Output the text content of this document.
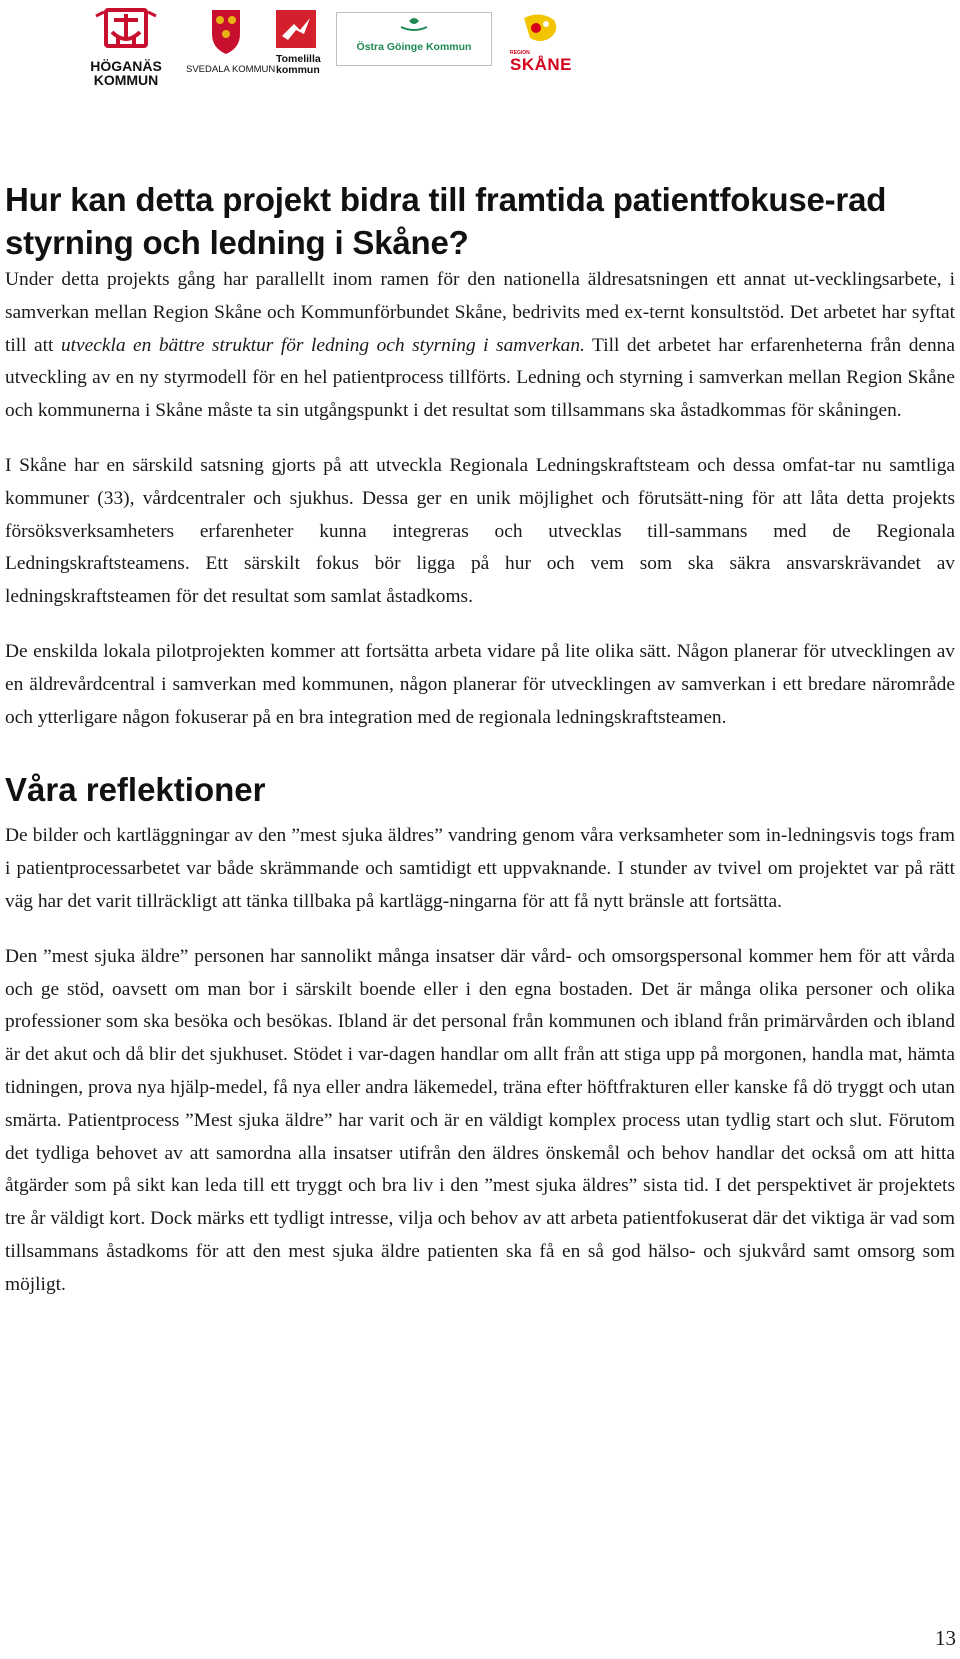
HÖGANÄS
KOMMUN
SVEDALA KOMMUN
Tomelilla
kommun
Östra Göinge Kommun	REGION
SKÅNE
Hur kan detta projekt bidra till framtida patientfokuse-rad styrning och ledning i Skåne?

Under detta projekts gång har parallellt inom ramen för den nationella äldresatsningen ett annat ut-vecklingsarbete, i samverkan mellan Region Skåne och Kommunförbundet Skåne, bedrivits med ex-ternt konsultstöd. Det arbetet har syftat till att utveckla en bättre struktur för ledning och styrning i samverkan. Till det arbetet har erfarenheterna från denna utveckling av en ny styrmodell för en hel patientprocess tillförts. Ledning och styrning i samverkan mellan Region Skåne och kommunerna i Skåne måste ta sin utgångspunkt i det resultat som tillsammans ska åstadkommas för skåningen.

I Skåne har en särskild satsning gjorts på att utveckla Regionala Ledningskraftsteam och dessa omfat-tar nu samtliga kommuner (33), vårdcentraler och sjukhus. Dessa ger en unik möjlighet och förutsätt-ning för att låta detta projekts försöksverksamheters erfarenheter kunna integreras och utvecklas till-sammans med de Regionala Ledningskraftsteamens. Ett särskilt fokus bör ligga på hur och vem som ska säkra ansvarskrävandet av ledningskraftsteamen för det resultat som samlat åstadkoms.

De enskilda lokala pilotprojekten kommer att fortsätta arbeta vidare på lite olika sätt. Någon planerar för utvecklingen av en äldrevårdcentral i samverkan med kommunen, någon planerar för utvecklingen av samverkan i ett bredare närområde och ytterligare någon fokuserar på en bra integration med de regionala ledningskraftsteamen.

Våra reflektioner

De bilder och kartläggningar av den ”mest sjuka äldres” vandring genom våra verksamheter som in-ledningsvis togs fram i patientprocessarbetet var både skrämmande och samtidigt ett uppvaknande. I stunder av tvivel om projektet var på rätt väg har det varit tillräckligt att tänka tillbaka på kartlägg-ningarna för att få nytt bränsle att fortsätta.

Den ”mest sjuka äldre” personen har sannolikt många insatser där vård- och omsorgspersonal kommer hem för att vårda och ge stöd, oavsett om man bor i särskilt boende eller i den egna bostaden. Det är många olika personer och olika professioner som ska besöka och besökas. Ibland är det personal från kommunen och ibland från primärvården och ibland är det akut och då blir det sjukhuset. Stödet i var-dagen handlar om allt från att stiga upp på morgonen, handla mat, hämta tidningen, prova nya hjälp-medel, få nya eller andra läkemedel, träna efter höftfrakturen eller kanske få dö tryggt och utan smärta. Patientprocess ”Mest sjuka äldre” har varit och är en väldigt komplex process utan tydlig start och slut. Förutom det tydliga behovet av att samordna alla insatser utifrån den äldres önskemål och behov handlar det också om att hitta åtgärder som på sikt kan leda till ett tryggt och bra liv i den ”mest sjuka äldres” sista tid. I det perspektivet är projektets tre år väldigt kort. Dock märks ett tydligt intresse, vilja och behov av att arbeta patientfokuserat där det viktiga är vad som tillsammans åstadkoms för att den mest sjuka äldre patienten ska få en så god hälso- och sjukvård samt omsorg som möjligt.

13
